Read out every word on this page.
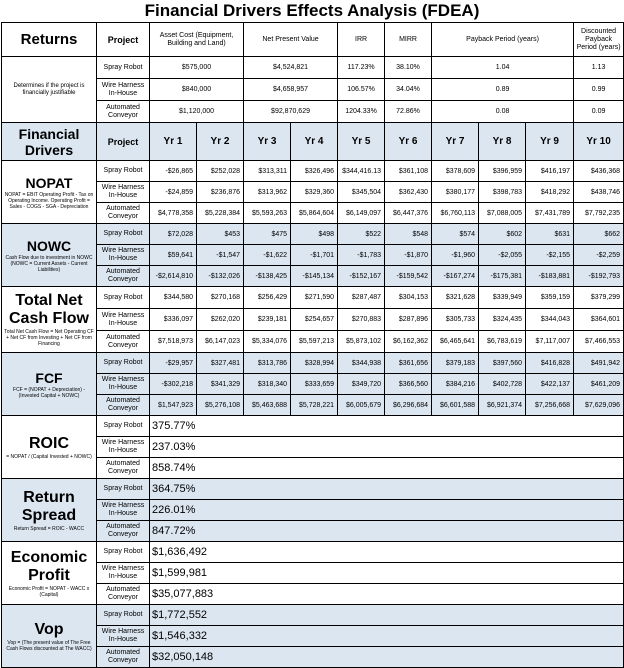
Financial Drivers Effects Analysis (FDEA)
Returns	Project	Asset Cost (Equipment, Building and Land)		Net Present Value		IRR	MIRR	Payback Period (years)			Discounted Payback Period (years)

Determines if the project is financially justifiable	Spray Robot	$575,000		$4,524,821		117.23%	38.10%	1.04			1.13
	Wire Harness In-House	$840,000		$4,658,957		106.57%	34.04%	0.89			0.99
	Automated Conveyor	$1,120,000		$92,870,629		1204.33%	72.86%	0.08			0.09

Financial Drivers	Project	Yr 1	Yr 2	Yr 3	Yr 4	Yr 5	Yr 6	Yr 7	Yr 8	Yr 9	Yr 10

NOPAT
NOPAT = EBIT Operating Profit - Tax on Operating Income. Operating Profit = Sales - COGS - SGA - Depreciation	Spray Robot	-$26,865	$252,028	$313,311	$326,496	$344,416.13	$361,108	$378,609	$396,959	$416,197	$436,368
	Wire Harness In-House	-$24,859	$236,876	$313,962	$329,360	$345,504	$362,430	$380,177	$398,783	$418,292	$438,746
	Automated Conveyor	$4,778,358	$5,228,384	$5,593,263	$5,864,604	$6,149,097	$6,447,376	$6,760,113	$7,088,005	$7,431,789	$7,792,235

NOWC
Cash Flow due to investment in NOWC (NOWC = Current Assets - Current Liabilities)	Spray Robot	$72,028	$453	$475	$498	$522	$548	$574	$602	$631	$662
	Wire Harness In-House	$59,641	-$1,547	-$1,622	-$1,701	-$1,783	-$1,870	-$1,960	-$2,055	-$2,155	-$2,259
	Automated Conveyor	-$2,614,810	-$132,026	-$138,425	-$145,134	-$152,167	-$159,542	-$167,274	-$175,381	-$183,881	-$192,793

Total Net Cash Flow
Total Net Cash Flow = Net Operating CF + Net CF from Investing + Net CF from Financing	Spray Robot	$344,580	$270,168	$256,429	$271,590	$287,487	$304,153	$321,628	$339,949	$359,159	$379,299
	Wire Harness In-House	$336,097	$262,020	$239,181	$254,657	$270,883	$287,896	$305,733	$324,435	$344,043	$364,601
	Automated Conveyor	$7,518,973	$6,147,023	$5,334,076	$5,597,213	$5,873,102	$6,162,362	$6,465,641	$6,783,619	$7,117,007	$7,466,553

FCF
FCF = (NOPAT + Depreciation) - (Invested Capital + NOWC)	Spray Robot	-$29,957	$327,481	$313,786	$328,994	$344,938	$361,656	$379,183	$397,560	$416,828	$491,942
	Wire Harness In-House	-$302,218	$341,329	$318,340	$333,659	$349,720	$366,560	$384,216	$402,728	$422,137	$461,209
	Automated Conveyor	$1,547,923	$5,276,108	$5,463,688	$5,728,221	$6,005,679	$6,296,684	$6,601,588	$6,921,374	$7,256,668	$7,629,096

ROIC
= NOPAT / (Capital Invested + NOWC)	Spray Robot	375.77%									
	Wire Harness In-House	237.03%									
	Automated Conveyor	858.74%									

Return Spread
Return Spread = ROIC - WACC	Spray Robot	364.75%									
	Wire Harness In-House	226.01%									
	Automated Conveyor	847.72%									

Economic Profit
Economic Profit = NOPAT - WACC x (Capital)	Spray Robot	$1,636,492									
	Wire Harness In-House	$1,599,981									
	Automated Conveyor	$35,077,883									

Vop
Vop = (The present value of The Free Cash Flows discounted at The WACC)	Spray Robot	$1,772,552									
	Wire Harness In-House	$1,546,332									
	Automated Conveyor	$32,050,148									
